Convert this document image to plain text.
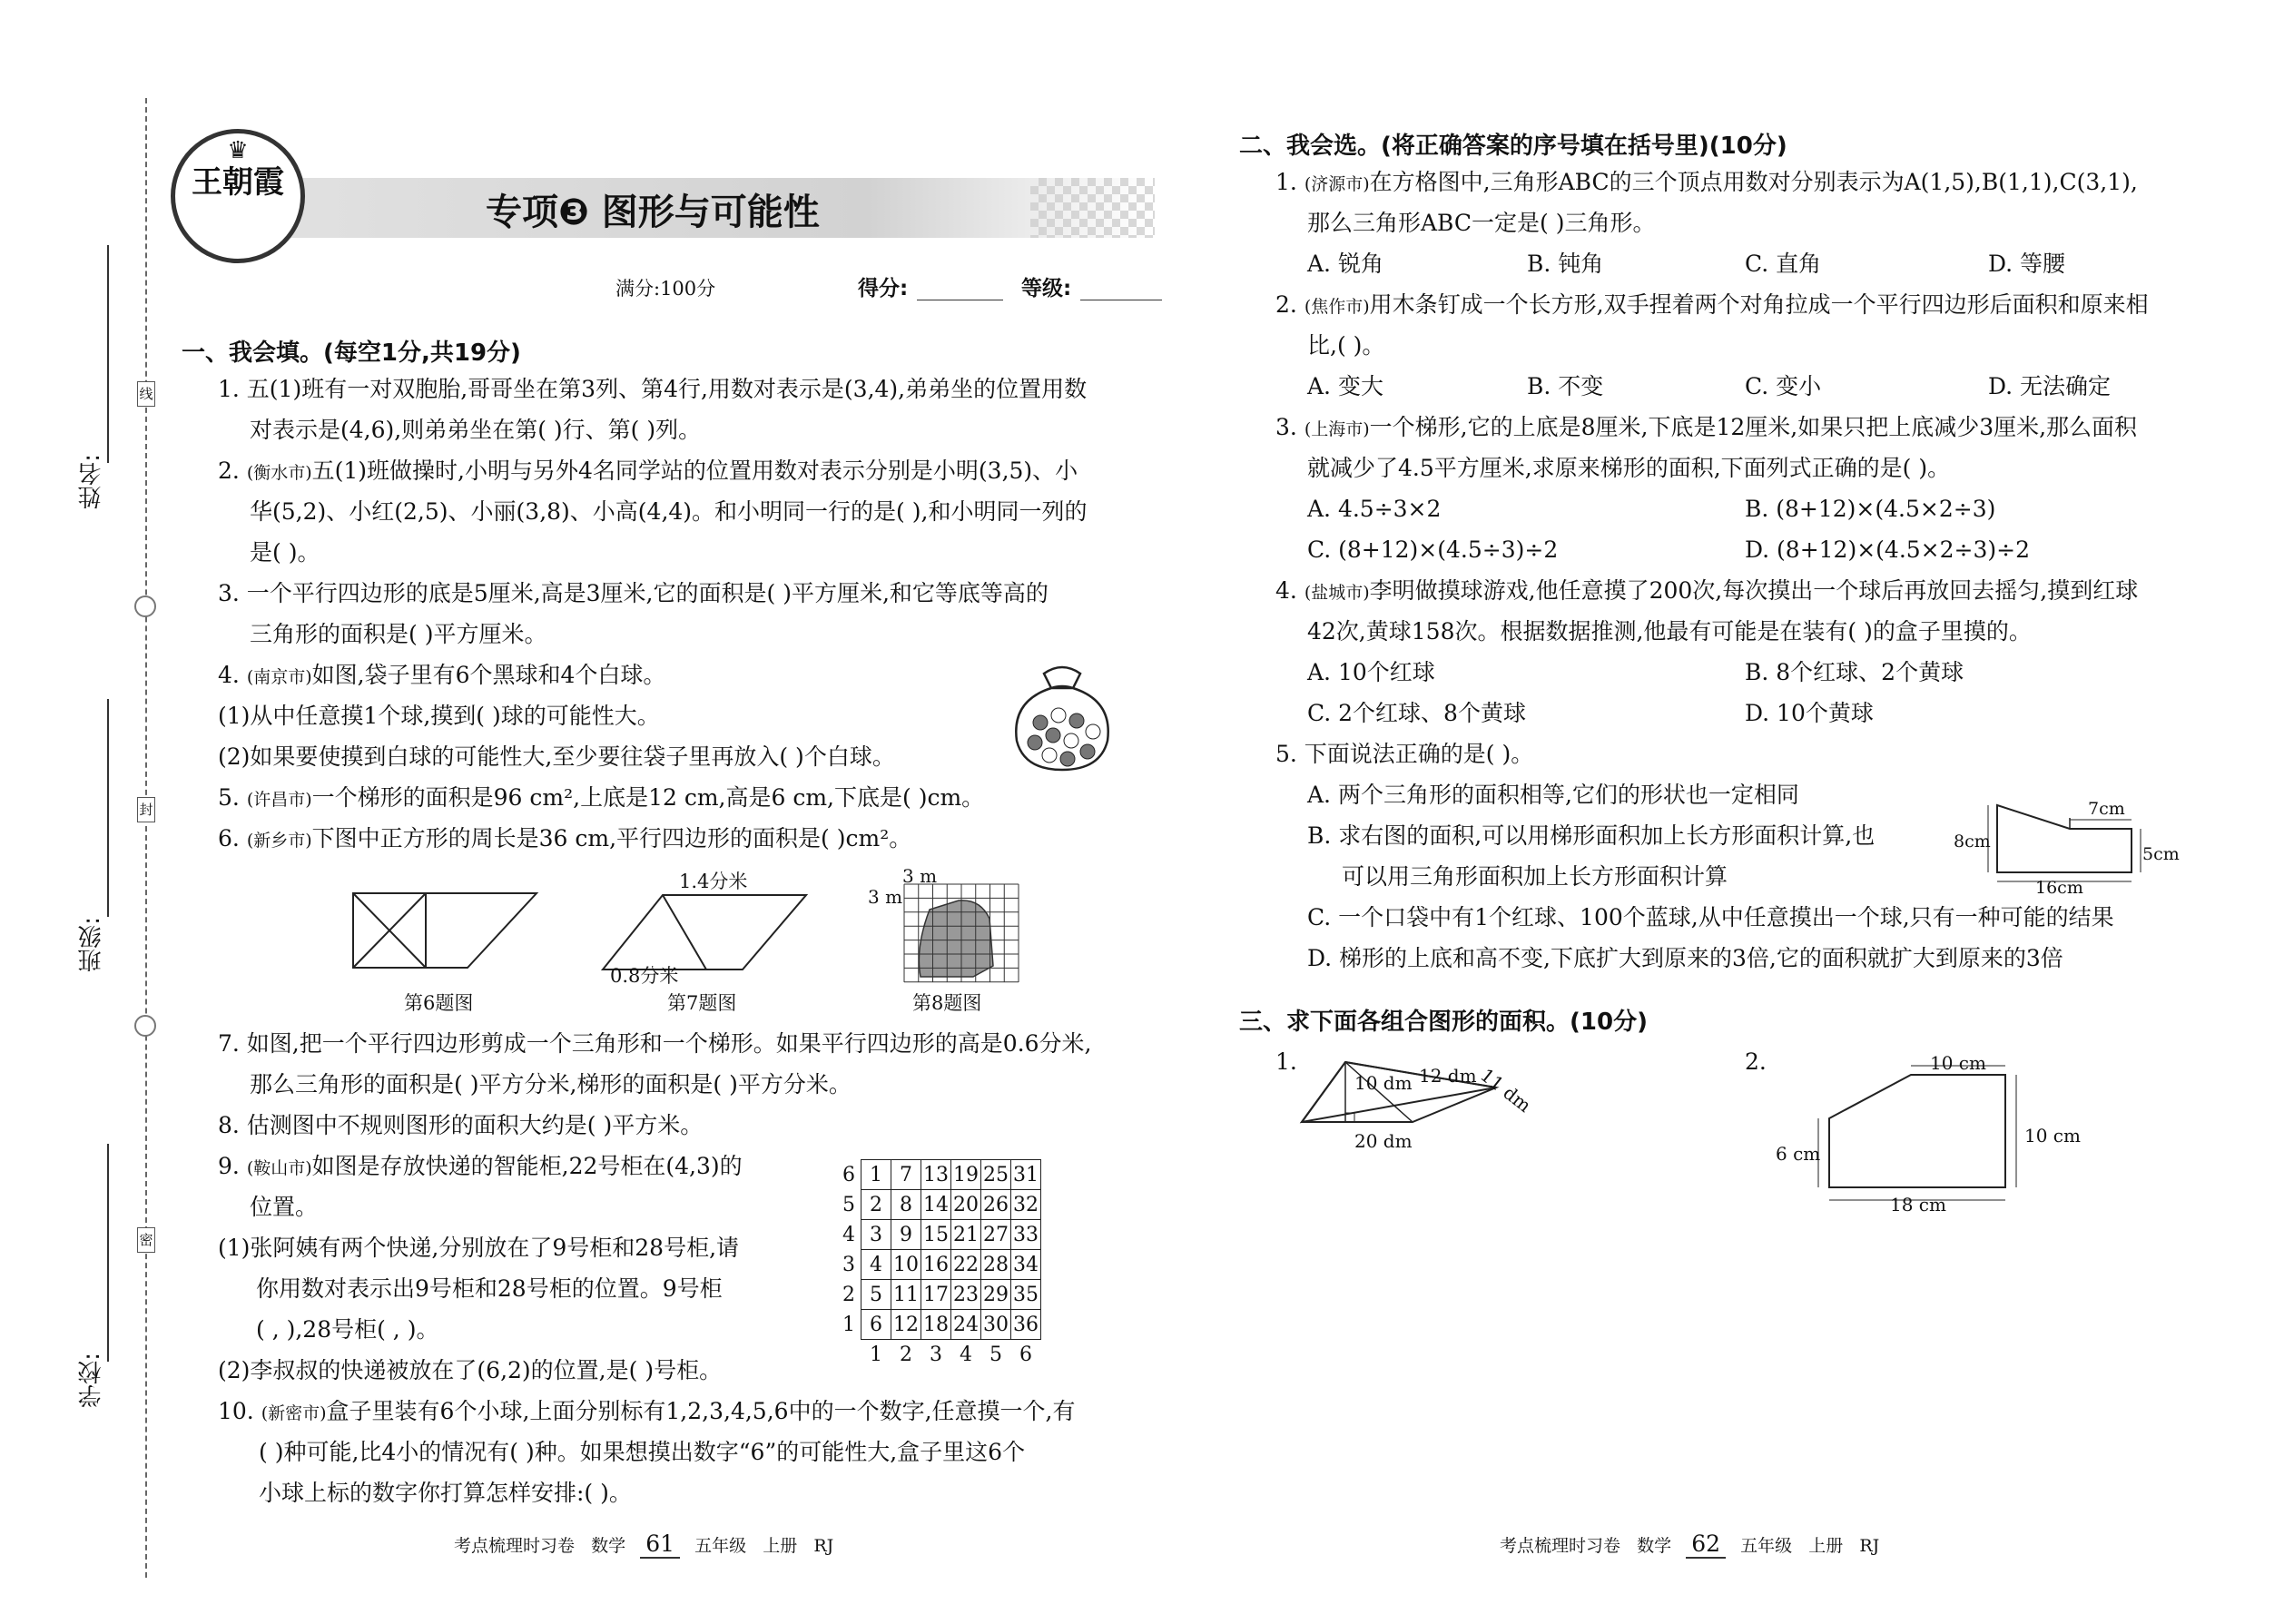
线
封
密
姓名:
班级:
学校:
♛
王朝霞
专项❸ 图形与可能性
满分:100分	得分:	等级:
一、我会填。(每空1分,共19分)
1. 五(1)班有一对双胞胎,哥哥坐在第3列、第4行,用数对表示是(3,4),弟弟坐的位置用数
对表示是(4,6),则弟弟坐在第( )行、第( )列。
2. (衡水市)五(1)班做操时,小明与另外4名同学站的位置用数对表示分别是小明(3,5)、小
华(5,2)、小红(2,5)、小丽(3,8)、小高(4,4)。和小明同一行的是( ),和小明同一列的
是( )。
3. 一个平行四边形的底是5厘米,高是3厘米,它的面积是( )平方厘米,和它等底等高的
三角形的面积是( )平方厘米。
4. (南京市)如图,袋子里有6个黑球和4个白球。
(1)从中任意摸1个球,摸到( )球的可能性大。
(2)如果要使摸到白球的可能性大,至少要往袋子里再放入( )个白球。
5. (许昌市)一个梯形的面积是96 cm²,上底是12 cm,高是6 cm,下底是( )cm。
6. (新乡市)下图中正方形的周长是36 cm,平行四边形的面积是( )cm²。
第6题图
1.4分米
0.8分米
第7题图
3 m
3 m
第8题图
7. 如图,把一个平行四边形剪成一个三角形和一个梯形。如果平行四边形的高是0.6分米,
那么三角形的面积是( )平方分米,梯形的面积是( )平方分米。
8. 估测图中不规则图形的面积大约是( )平方米。
9. (鞍山市)如图是存放快递的智能柜,22号柜在(4,3)的
位置。
(1)张阿姨有两个快递,分别放在了9号柜和28号柜,请
你用数对表示出9号柜和28号柜的位置。9号柜
( , ),28号柜( , )。
(2)李叔叔的快递被放在了(6,2)的位置,是( )号柜。
6	1	7	13	19	25	31
5	2	8	14	20	26	32
4	3	9	15	21	27	33
3	4	10	16	22	28	34
2	5	11	17	23	29	35
1	6	12	18	24	30	36
	1	2	3	4	5	6
10. (新密市)盒子里装有6个小球,上面分别标有1,2,3,4,5,6中的一个数字,任意摸一个,有
( )种可能,比4小的情况有( )种。如果想摸出数字“6”的可能性大,盒子里这6个
小球上标的数字你打算怎样安排:( )。
考点梳理时习卷 数学 61 五年级 上册 RJ
二、我会选。(将正确答案的序号填在括号里)(10分)
1. (济源市)在方格图中,三角形ABC的三个顶点用数对分别表示为A(1,5),B(1,1),C(3,1),
那么三角形ABC一定是( )三角形。
A. 锐角	B. 钝角	C. 直角	D. 等腰
2. (焦作市)用木条钉成一个长方形,双手捏着两个对角拉成一个平行四边形后面积和原来相
比,( )。
A. 变大	B. 不变	C. 变小	D. 无法确定
3. (上海市)一个梯形,它的上底是8厘米,下底是12厘米,如果只把上底减少3厘米,那么面积
就减少了4.5平方厘米,求原来梯形的面积,下面列式正确的是( )。
A. 4.5÷3×2	B. (8+12)×(4.5×2÷3)
C. (8+12)×(4.5÷3)÷2	D. (8+12)×(4.5×2÷3)÷2
4. (盐城市)李明做摸球游戏,他任意摸了200次,每次摸出一个球后再放回去摇匀,摸到红球
42次,黄球158次。根据数据推测,他最有可能是在装有( )的盒子里摸的。
A. 10个红球	B. 8个红球、2个黄球
C. 2个红球、8个黄球	D. 10个黄球
5. 下面说法正确的是( )。
A. 两个三角形的面积相等,它们的形状也一定相同
B. 求右图的面积,可以用梯形面积加上长方形面积计算,也
可以用三角形面积加上长方形面积计算
C. 一个口袋中有1个红球、100个蓝球,从中任意摸出一个球,只有一种可能的结果
D. 梯形的上底和高不变,下底扩大到原来的3倍,它的面积就扩大到原来的3倍
7cm
8cm
5cm
16cm
三、求下面各组合图形的面积。(10分)
1.
10 dm 12 dm 11 dm
20 dm
2.	10 cm
6 cm
10 cm
18 cm
考点梳理时习卷 数学 62 五年级 上册 RJ
